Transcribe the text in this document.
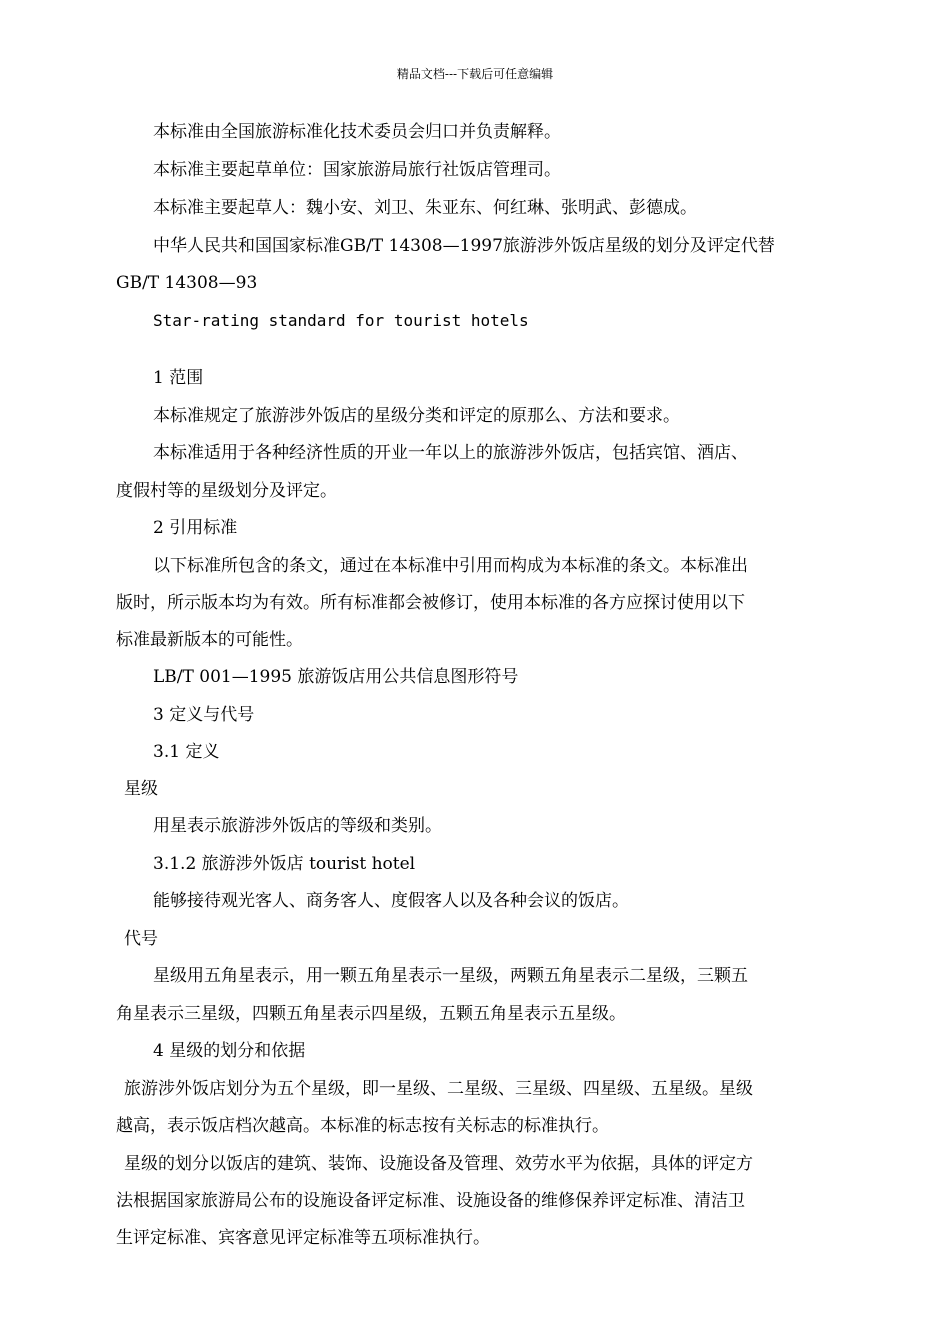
精品文档---下载后可任意编辑
本标准由全国旅游标准化技术委员会归口并负责解释。
本标准主要起草单位：国家旅游局旅行社饭店管理司。
本标准主要起草人：魏小安、刘卫、朱亚东、何红琳、张明武、彭德成。
中华人民共和国国家标准GB/T 14308—1997旅游涉外饭店星级的划分及评定代替
GB/T 14308—93
Star-rating standard for tourist hotels
1 范围
本标准规定了旅游涉外饭店的星级分类和评定的原那么、方法和要求。
本标准适用于各种经济性质的开业一年以上的旅游涉外饭店，包括宾馆、酒店、
度假村等的星级划分及评定。
2 引用标准
以下标准所包含的条文，通过在本标准中引用而构成为本标准的条文。本标准出
版时，所示版本均为有效。所有标准都会被修订，使用本标准的各方应探讨使用以下
标准最新版本的可能性。
LB/T 001—1995 旅游饭店用公共信息图形符号
3 定义与代号
3.1 定义
星级
用星表示旅游涉外饭店的等级和类别。
3.1.2 旅游涉外饭店 tourist hotel
能够接待观光客人、商务客人、度假客人以及各种会议的饭店。
代号
星级用五角星表示，用一颗五角星表示一星级，两颗五角星表示二星级，三颗五
角星表示三星级，四颗五角星表示四星级，五颗五角星表示五星级。
4 星级的划分和依据
旅游涉外饭店划分为五个星级，即一星级、二星级、三星级、四星级、五星级。星级
越高，表示饭店档次越高。本标准的标志按有关标志的标准执行。
星级的划分以饭店的建筑、装饰、设施设备及管理、效劳水平为依据，具体的评定方
法根据国家旅游局公布的设施设备评定标准、设施设备的维修保养评定标准、清洁卫
生评定标准、宾客意见评定标准等五项标准执行。
